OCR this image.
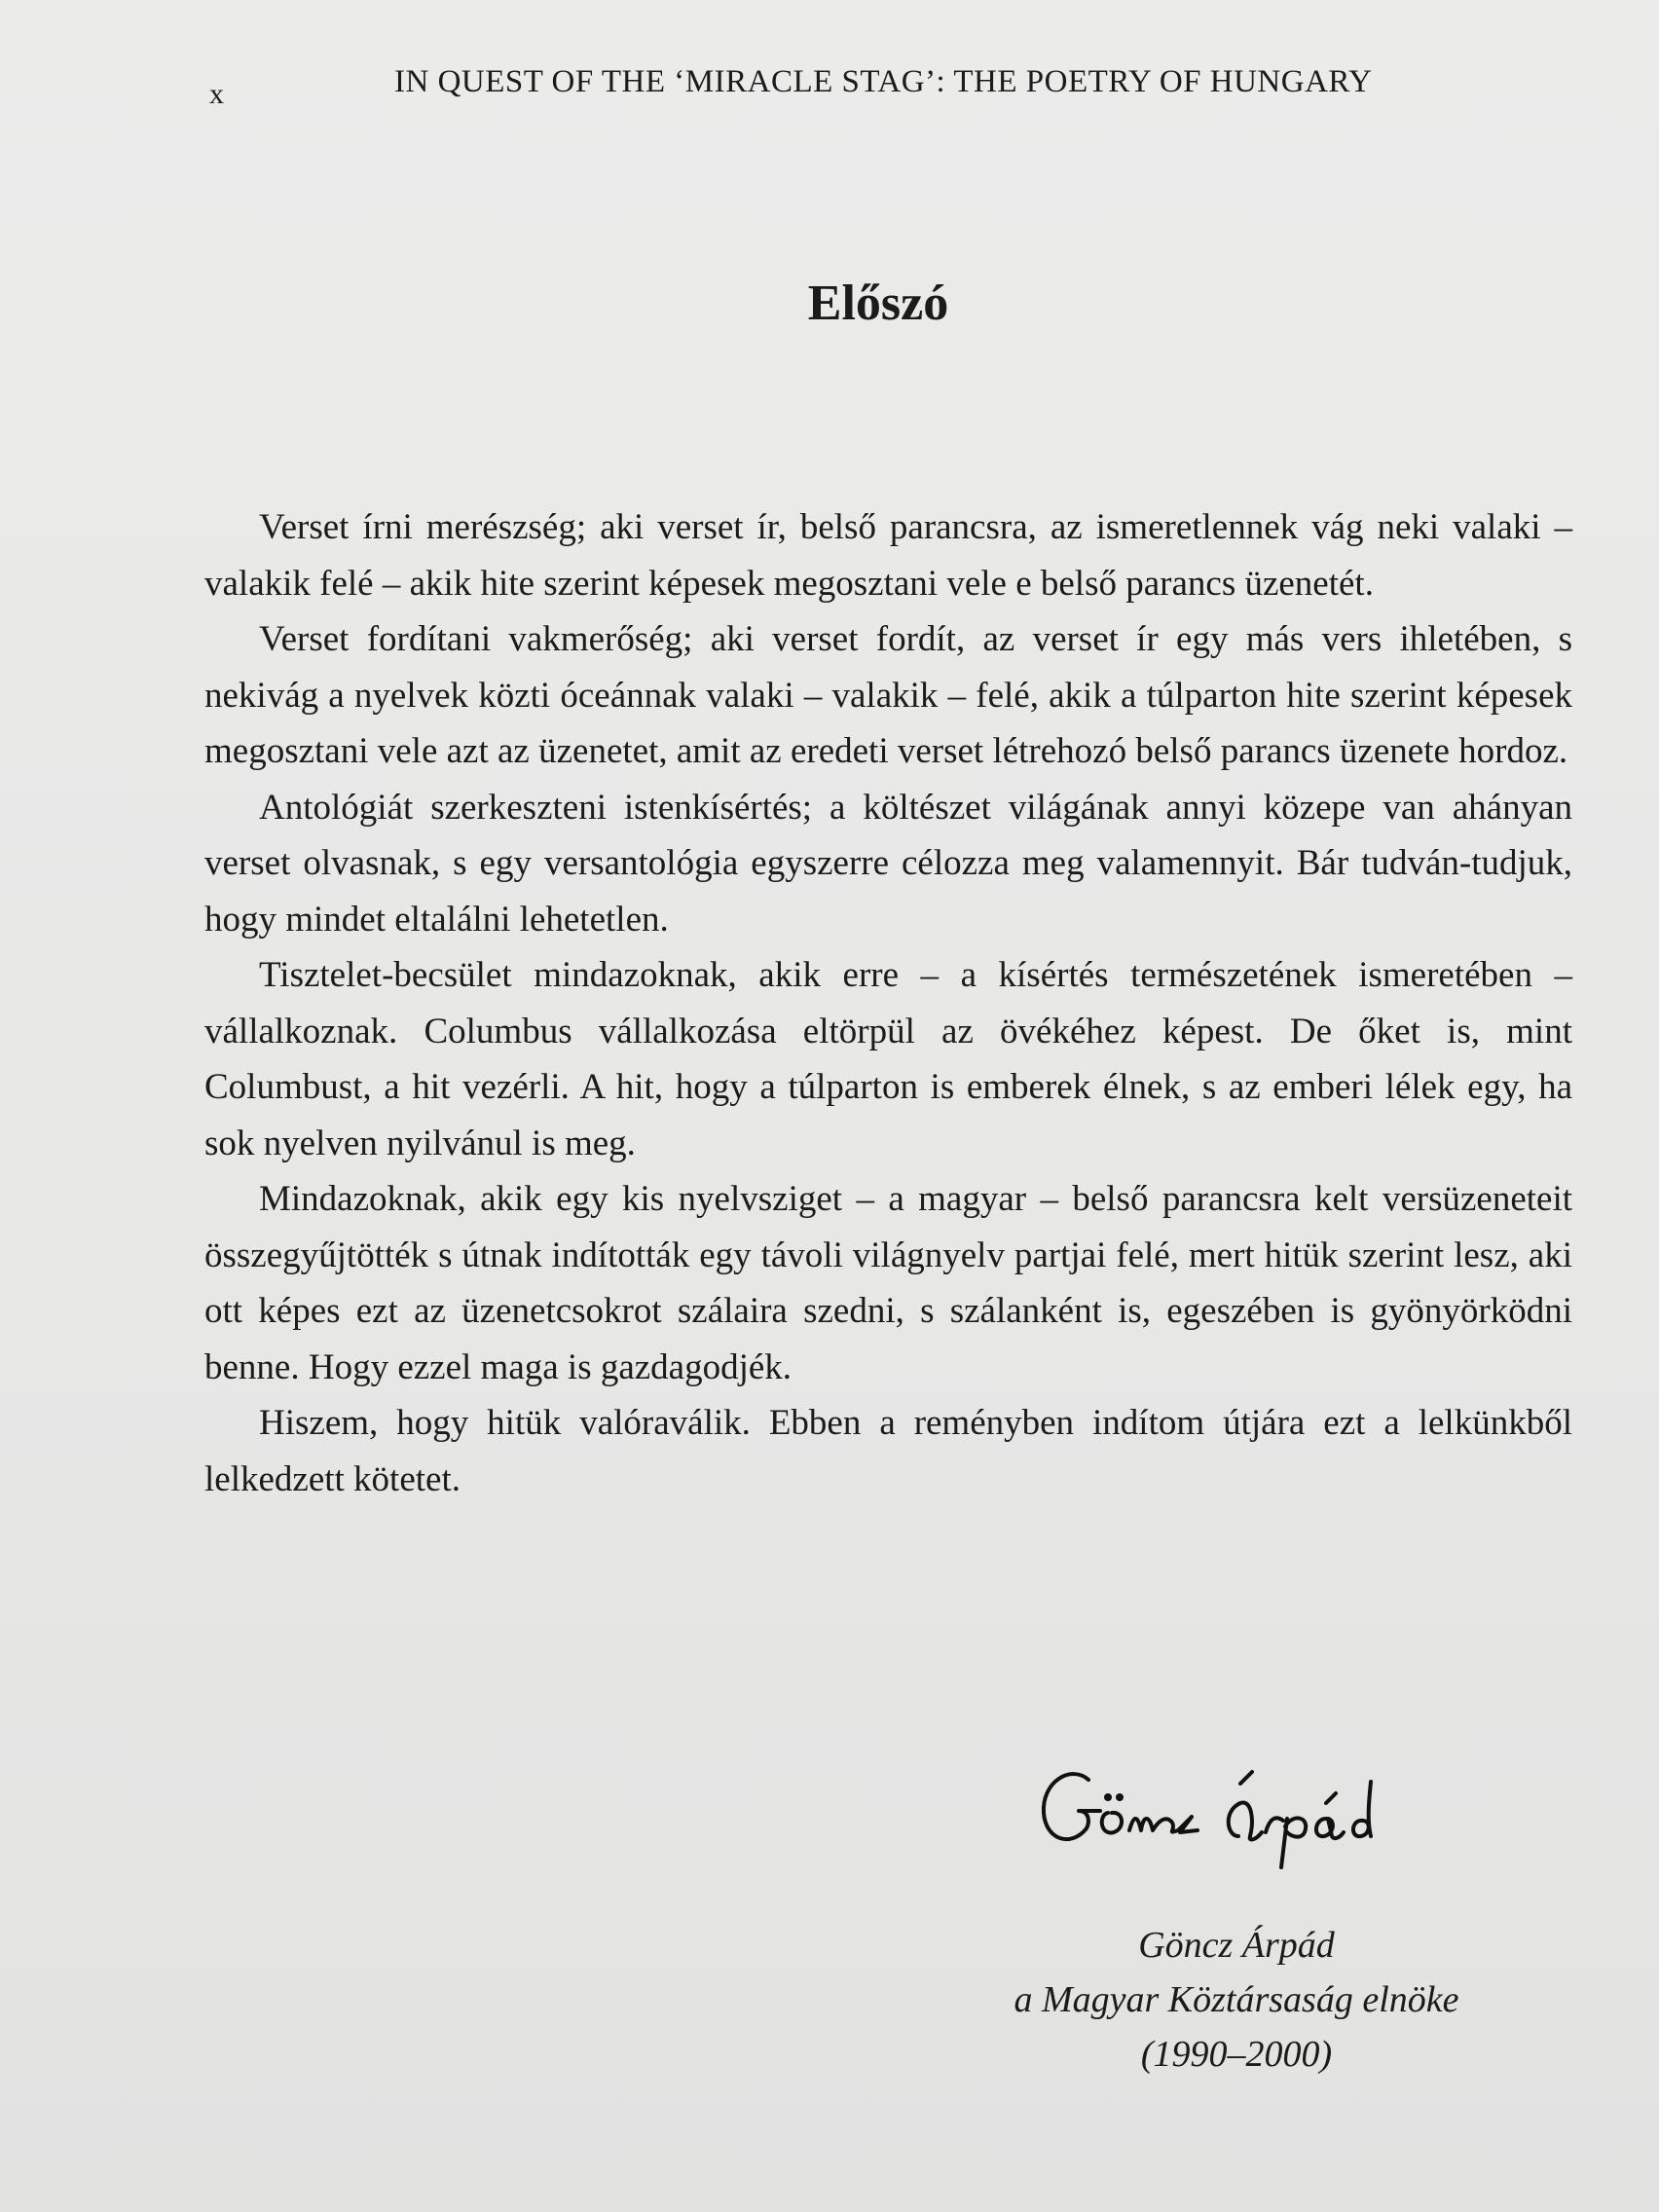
x	IN QUEST OF THE ‘MIRACLE STAG’: THE POETRY OF HUNGARY
Előszó

Verset írni merészség; aki verset ír, belső parancsra, az ismeretlennek vág neki valaki – valakik felé – akik hite szerint képesek megosztani vele e belső parancs üzenetét.

Verset fordítani vakmerőség; aki verset fordít, az verset ír egy más vers ihletében, s nekivág a nyelvek közti óceánnak valaki – valakik – felé, akik a túlparton hite szerint képesek megosztani vele azt az üzenetet, amit az eredeti verset létrehozó belső parancs üzenete hordoz.

Antológiát szerkeszteni istenkísértés; a költészet világának annyi közepe van ahányan verset olvasnak, s egy versantológia egyszerre célozza meg valamennyit. Bár tudván-tudjuk, hogy mindet eltalálni lehetetlen.

Tisztelet-becsület mindazoknak, akik erre – a kísértés természetének ismeretében – vállalkoznak. Columbus vállalkozása eltörpül az övékéhez képest. De őket is, mint Columbust, a hit vezérli. A hit, hogy a túlparton is emberek élnek, s az emberi lélek egy, ha sok nyelven nyilvánul is meg.

Mindazoknak, akik egy kis nyelvsziget – a magyar – belső parancsra kelt versüzeneteit összegyűjtötték s útnak indították egy távoli világnyelv partjai felé, mert hitük szerint lesz, aki ott képes ezt az üzenetcsokrot szálaira szedni, s szálanként is, egeszében is gyönyörködni benne. Hogy ezzel maga is gazdagodjék.

Hiszem, hogy hitük valóraválik. Ebben a reményben indítom útjára ezt a lelkünkből lelkedzett kötetet.

Göncz Árpád
a Magyar Köztársaság elnöke
(1990–2000)
